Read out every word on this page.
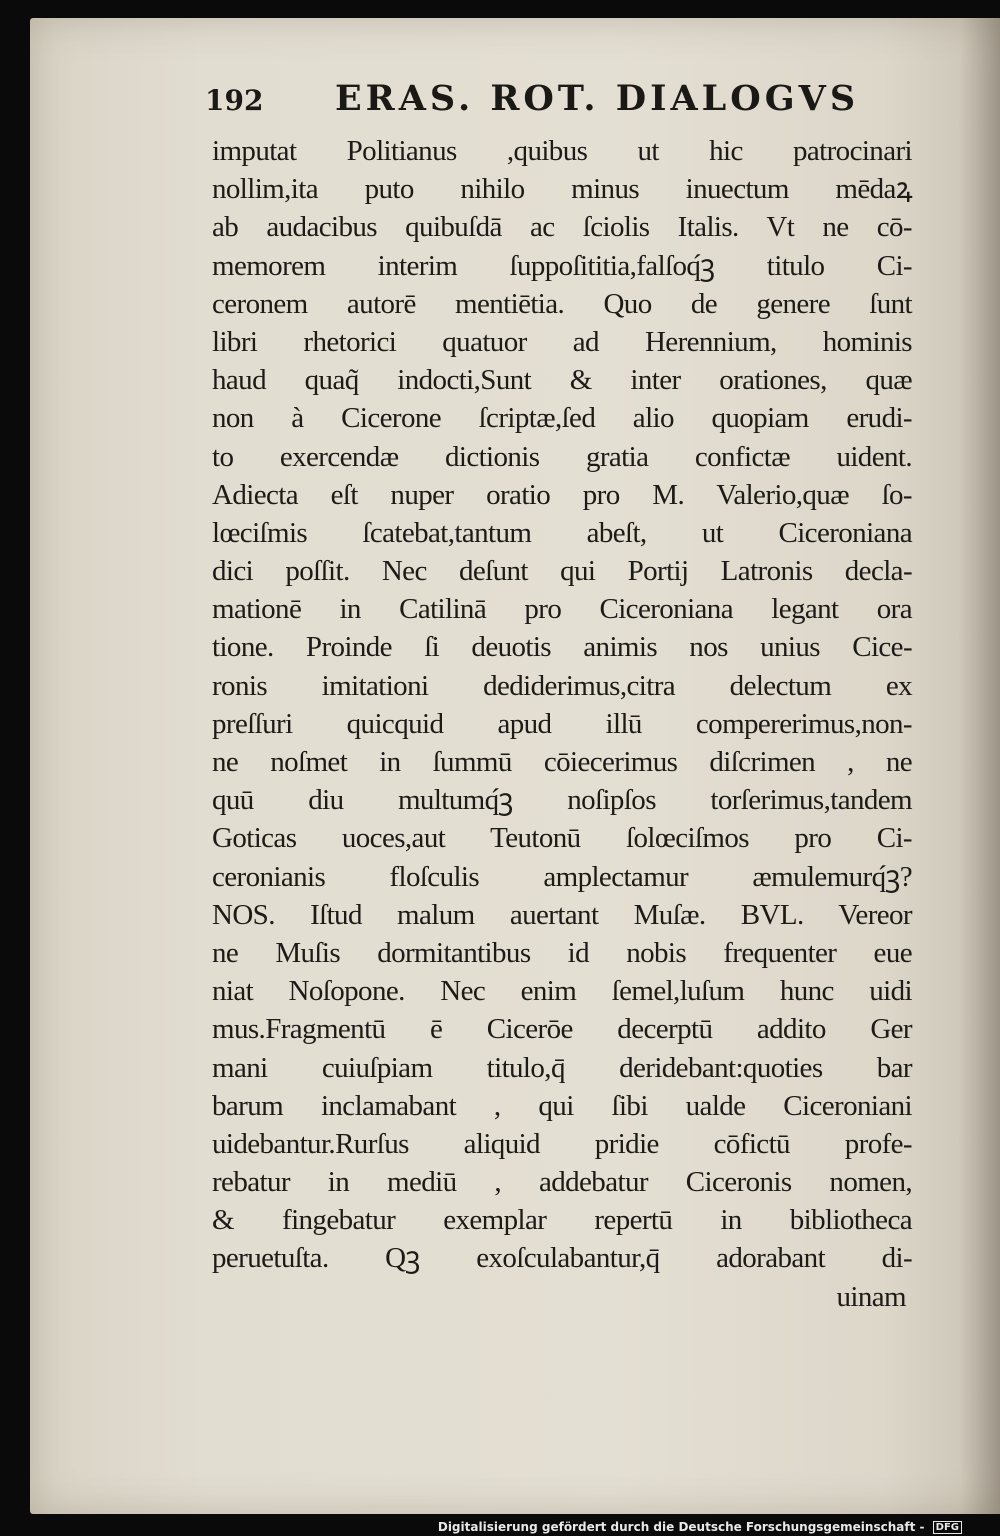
192 ERAS. ROT. DIALOGVS
imputat Politianus ,quibus ut hic patrocinari
nollim,ita puto nihilo minus inuectum mēdaꝝ
ab audacibus quibuſdā ac ſciolis Italis. Vt ne cō-
memorem interim ſuppoſititia,falſoq́ꝫ titulo Ci-
ceronem autorē mentiētia. Quo de genere ſunt
libri rhetorici quatuor ad Herennium, hominis
haud quaq̃ indocti,Sunt & inter orationes, quæ
non à Cicerone ſcriptæ,ſed alio quopiam erudi-
to exercendæ dictionis gratia confictæ uident.
Adiecta eſt nuper oratio pro M. Valerio,quæ ſo-
lœciſmis ſcatebat,tantum abeſt, ut Ciceroniana
dici poſſit. Nec deſunt qui Portij Latronis decla-
mationē in Catilinā pro Ciceroniana legant ora
tione. Proinde ſi deuotis animis nos unius Cice-
ronis imitationi dediderimus,citra delectum ex
preſſuri quicquid apud illū compererimus,non-
ne noſmet in ſummū cōiecerimus diſcrimen , ne
quū diu multumq́ꝫ noſipſos torſerimus,tandem
Goticas uoces,aut Teutonū ſolœciſmos pro Ci-
ceronianis floſculis amplectamur æmulemurq́ꝫ?
NOS. Iſtud malum auertant Muſæ. BVL. Vereor
ne Muſis dormitantibus id nobis frequenter eue
niat Noſopone. Nec enim ſemel,luſum hunc uidi
mus.Fragmentū ē Cicerōe decerptū addito Ger
mani cuiuſpiam titulo,q̄ deridebant:quoties bar
barum inclamabant , qui ſibi ualde Ciceroniani
uidebantur.Rurſus aliquid pridie cōfictū profe-
rebatur in mediū , addebatur Ciceronis nomen,
& fingebatur exemplar repertū in bibliotheca
peruetuſta. Qꝫ exoſculabantur,q̄ adorabant di-
uinam
Digitalisierung gefördert durch die Deutsche Forschungsgemeinschaft - DFG
